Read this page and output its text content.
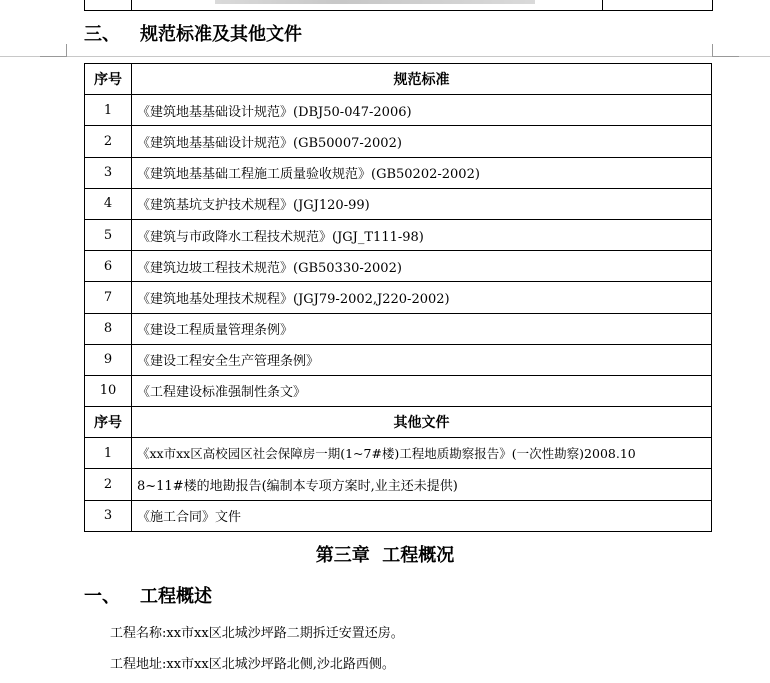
三、 规范标准及其他文件
序号	规范标准
1	《建筑地基基础设计规范》(DBJ50-047-2006)
2	《建筑地基基础设计规范》(GB50007-2002)
3	《建筑地基基础工程施工质量验收规范》(GB50202-2002)
4	《建筑基坑支护技术规程》(JGJ120-99)
5	《建筑与市政降水工程技术规范》(JGJ_T111-98)
6	《建筑边坡工程技术规范》(GB50330-2002)
7	《建筑地基处理技术规程》(JGJ79-2002,J220-2002)
8	《建设工程质量管理条例》
9	《建设工程安全生产管理条例》
10	《工程建设标准强制性条文》
序号	其他文件
1	《xx市xx区高校园区社会保障房一期(1~7#楼)工程地质勘察报告》(一次性勘察)2008.10
2	8~11#楼的地勘报告(编制本专项方案时,业主还未提供)
3	《施工合同》文件
第三章  工程概况
一、 工程概述
工程名称:xx市xx区北城沙坪路二期拆迁安置还房。
工程地址:xx市xx区北城沙坪路北侧,沙北路西侧。
